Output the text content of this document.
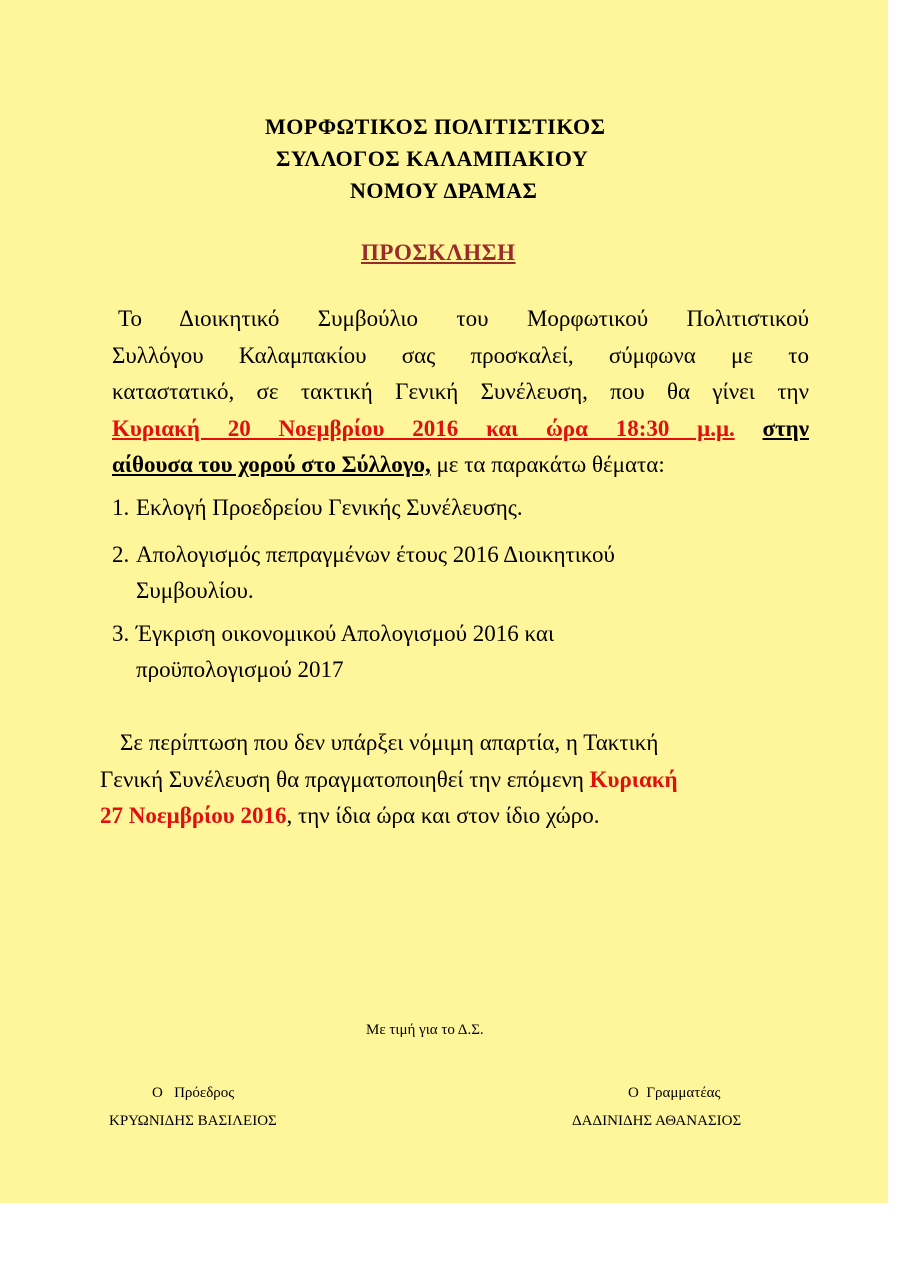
ΜΟΡΦΩΤΙΚΟΣ ΠΟΛΙΤΙΣΤΙΚΟΣ
ΣΥΛΛΟΓΟΣ ΚΑΛΑΜΠΑΚΙΟΥ
ΝΟΜΟΥ ΔΡΑΜΑΣ
ΠΡΟΣΚΛΗΣΗ
Το Διοικητικό Συμβούλιο του Μορφωτικού Πολιτιστικού
Συλλόγου Καλαμπακίου σας προσκαλεί, σύμφωνα με το
καταστατικό, σε τακτική Γενική Συνέλευση, που θα γίνει την
Κυριακή 20 Νοεμβρίου 2016 και ώρα 18:30 μ.μ. στην
αίθουσα του χορού στο Σύλλογο, με τα παρακάτω θέματα:
1. Εκλογή Προεδρείου Γενικής Συνέλευσης.
2. Απολογισμός πεπραγμένων έτους 2016 Διοικητικού
Συμβουλίου.
3. Έγκριση οικονομικού Απολογισμού 2016 και
προϋπολογισμού 2017
Σε περίπτωση που δεν υπάρξει νόμιμη απαρτία, η Τακτική
Γενική Συνέλευση θα πραγματοποιηθεί την επόμενη Κυριακή
27 Νοεμβρίου 2016, την ίδια ώρα και στον ίδιο χώρο.
Με τιμή για το Δ.Σ.
Ο   Πρόεδρος
ΚΡΥΩΝΙΔΗΣ ΒΑΣΙΛΕΙΟΣ
Ο  Γραμματέας
ΔΑΔΙΝΙΔΗΣ ΑΘΑΝΑΣΙΟΣ
